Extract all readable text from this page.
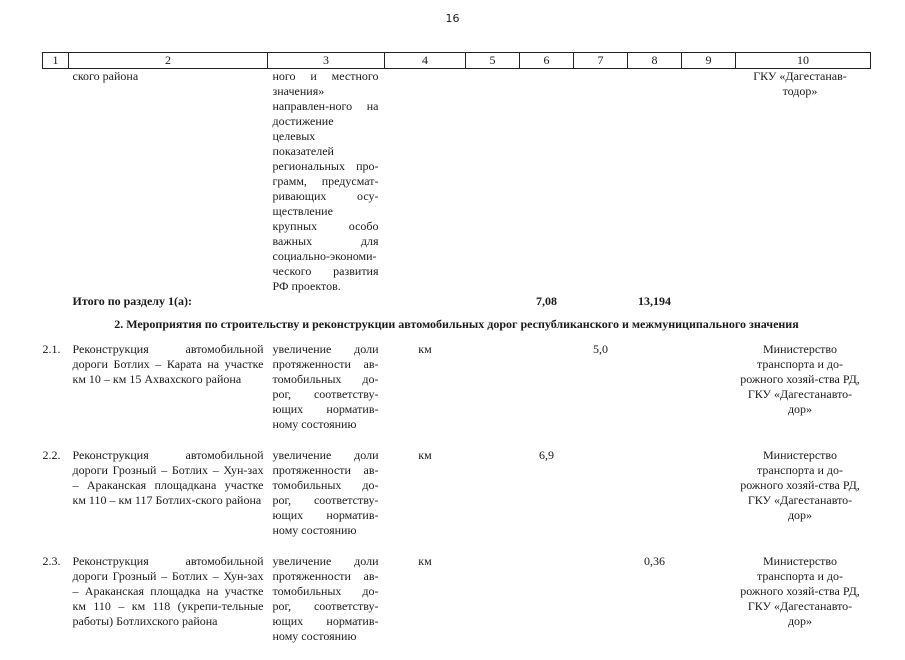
16
1	2	3	4	5	6	7	8	9	10
	ского района	ного и местного значения» направлен-ного на достижение целевых показателей региональных про-грамм, предусмат-ривающих осу-ществление крупных особо важных для социально-экономи-ческого развития РФ проектов.							ГКУ «Дагестанав-тодор»
	Итого по разделу 1(а):				7,08		13,194		
2. Мероприятия по строительству и реконструкции автомобильных дорог республиканского и межмуниципального значения									
2.1.	Реконструкция автомобильной дороги Ботлих – Карата на участке км 10 – км 15 Ахвахского района	увеличение доли протяженности ав-томобильных до-рог, соответству-ющих норматив-ному состоянию	км			5,0			Министерство транспорта и до-рожного хозяй-ства РД, ГКУ «Дагестанавто-дор»
2.2.	Реконструкция автомобильной дороги Грозный – Ботлих – Хун-зах – Араканская площадкана участке км 110 – км 117 Ботлих-ского района	увеличение доли протяженности ав-томобильных до-рог, соответству-ющих норматив-ному состоянию	км		6,9				Министерство транспорта и до-рожного хозяй-ства РД, ГКУ «Дагестанавто-дор»
2.3.	Реконструкция автомобильной дороги Грозный – Ботлих – Хун-зах – Араканская площадка на участке км 110 – км 118 (укрепи-тельные работы) Ботлихского района	увеличение доли протяженности ав-томобильных до-рог, соответству-ющих норматив-ному состоянию	км				0,36		Министерство транспорта и до-рожного хозяй-ства РД, ГКУ «Дагестанавто-дор»
